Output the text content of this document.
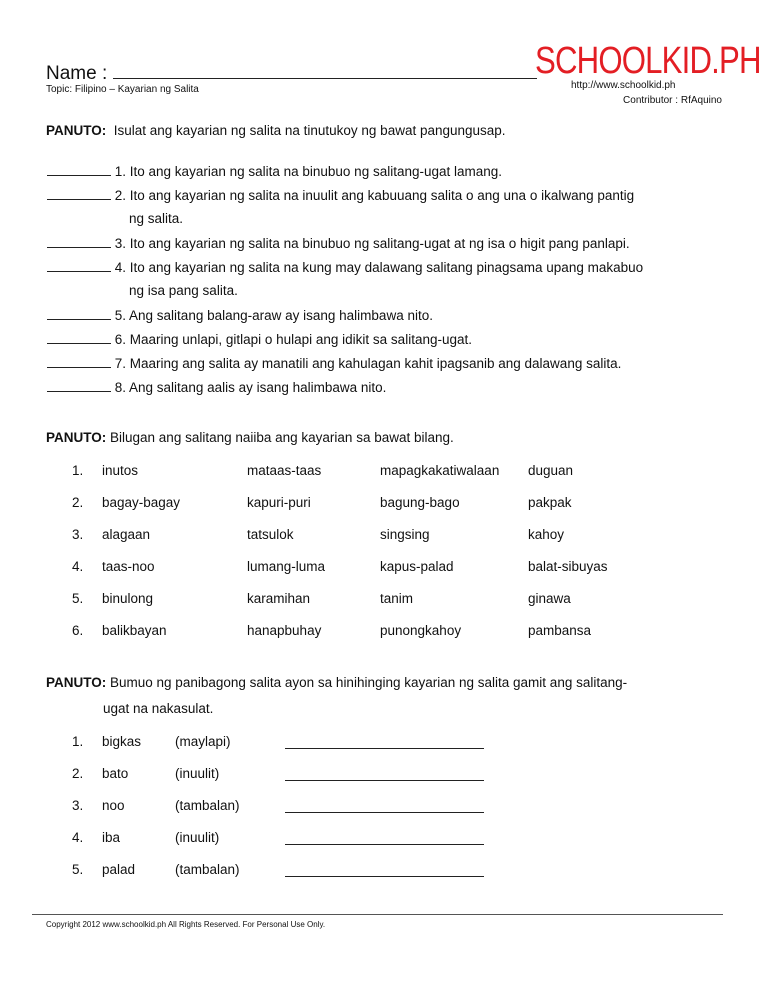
Name :
Topic: Filipino – Kayarian ng Salita
SCHOOLKID.PH
http://www.schoolkid.ph
Contributor : RfAquino
PANUTO: Isulat ang kayarian ng salita na tinutukoy ng bawat pangungusap.
PANUTO: Bilugan ang salitang naiiba ang kayarian sa bawat bilang.
PANUTO: Bumuo ng panibagong salita ayon sa hinihinging kayarian ng salita gamit ang salitang-
ugat na nakasulat.
Copyright 2012 www.schoolkid.ph All Rights Reserved. For Personal Use Only.
1. Ito ang kayarian ng salita na binubuo ng salitang-ugat lamang.
2. Ito ang kayarian ng salita na inuulit ang kabuuang salita o ang una o ikalwang pantig
ng salita.
3. Ito ang kayarian ng salita na binubuo ng salitang-ugat at ng isa o higit pang panlapi.
4. Ito ang kayarian ng salita na kung may dalawang salitang pinagsama upang makabuo
ng isa pang salita.
5. Ang salitang balang-araw ay isang halimbawa nito.
6. Maaring unlapi, gitlapi o hulapi ang idikit sa salitang-ugat.
7. Maaring ang salita ay manatili ang kahulagan kahit ipagsanib ang dalawang salita.
8. Ang salitang aalis ay isang halimbawa nito.
1. inutos	mataas-taas	mapagkakatiwalaan duguan
2. bagay-bagay	kapuri-puri	bagung-bago	pakpak
3. alagaan	tatsulok	singsing	kahoy
4. taas-noo	lumang-luma	kapus-palad	balat-sibuyas
5. binulong	karamihan	tanim	ginawa
6. balikbayan	hanapbuhay	punongkahoy	pambansa
1. bigkas	(maylapi)
2. bato	(inuulit)
3. noo	(tambalan)
4. iba	(inuulit)
5. palad	(tambalan)
